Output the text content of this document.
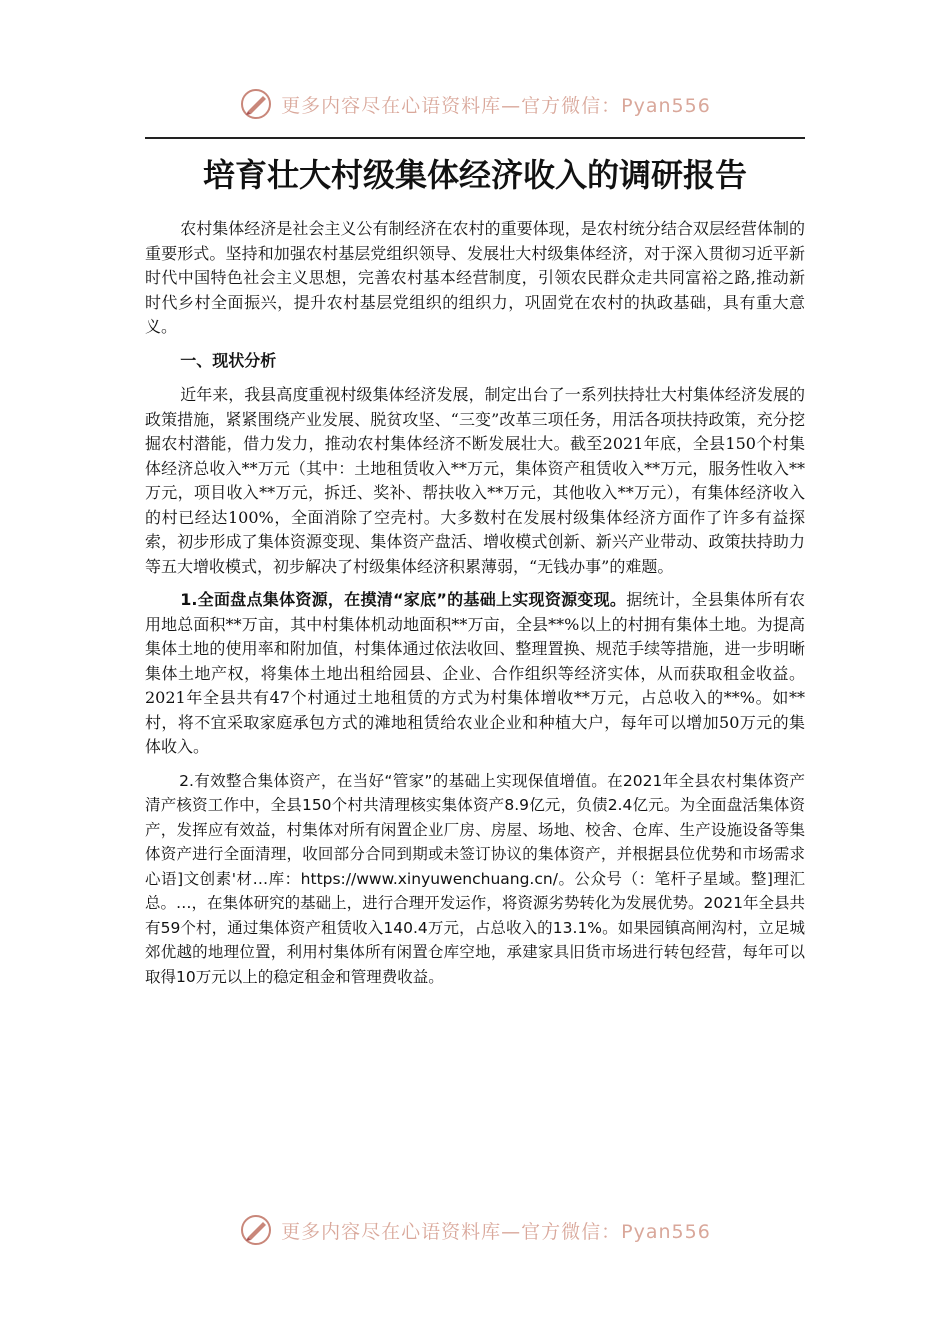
更多内容尽在心语资料库—官方微信：Pyan556
培育壮大村级集体经济收入的调研报告

农村集体经济是社会主义公有制经济在农村的重要体现，是农村统分结合双层经营体制的重要形式。坚持和加强农村基层党组织领导、发展壮大村级集体经济，对于深入贯彻习近平新时代中国特色社会主义思想，完善农村基本经营制度，引领农民群众走共同富裕之路,推动新时代乡村全面振兴，提升农村基层党组织的组织力，巩固党在农村的执政基础，具有重大意义。

一、现状分析

近年来，我县高度重视村级集体经济发展，制定出台了一系列扶持壮大村集体经济发展的政策措施，紧紧围绕产业发展、脱贫攻坚、“三变”改革三项任务，用活各项扶持政策，充分挖掘农村潜能，借力发力，推动农村集体经济不断发展壮大。截至2021年底，全县150个村集体经济总收入**万元（其中：土地租赁收入**万元，集体资产租赁收入**万元，服务性收入**万元，项目收入**万元，拆迁、奖补、帮扶收入**万元，其他收入**万元），有集体经济收入的村已经达100%，全面消除了空壳村。大多数村在发展村级集体经济方面作了许多有益探索，初步形成了集体资源变现、集体资产盘活、增收模式创新、新兴产业带动、政策扶持助力等五大增收模式，初步解决了村级集体经济积累薄弱，“无钱办事”的难题。

1.全面盘点集体资源，在摸清“家底”的基础上实现资源变现。据统计，全县集体所有农用地总面积**万亩，其中村集体机动地面积**万亩，全县**%以上的村拥有集体土地。为提高集体土地的使用率和附加值，村集体通过依法收回、整理置换、规范手续等措施，进一步明晰集体土地产权，将集体土地出租给园县、企业、合作组织等经济实体，从而获取租金收益。2021年全县共有47个村通过土地租赁的方式为村集体增收**万元，占总收入的**%。如**村，将不宜采取家庭承包方式的滩地租赁给农业企业和种植大户，每年可以增加50万元的集体收入。

2.有效整合集体资产，在当好“管家”的基础上实现保值增值。在2021年全县农村集体资产清产核资工作中，全县150个村共清理核实集体资产8.9亿元，负债2.4亿元。为全面盘活集体资产，发挥应有效益，村集体对所有闲置企业厂房、房屋、场地、校舍、仓库、生产设施设备等集体资产进行全面清理，收回部分合同到期或未签订协议的集体资产，并根据县位优势和市场需求心语]文创素'材…库：https://www.xinyuwenchuang.cn/。公众号（：笔杆子星域。整]理汇总。…，在集体研究的基础上，进行合理开发运作，将资源劣势转化为发展优势。2021年全县共有59个村，通过集体资产租赁收入140.4万元，占总收入的13.1%。如果园镇高闸沟村，立足城郊优越的地理位置，利用村集体所有闲置仓库空地，承建家具旧货市场进行转包经营，每年可以取得10万元以上的稳定租金和管理费收益。

更多内容尽在心语资料库—官方微信：Pyan556
